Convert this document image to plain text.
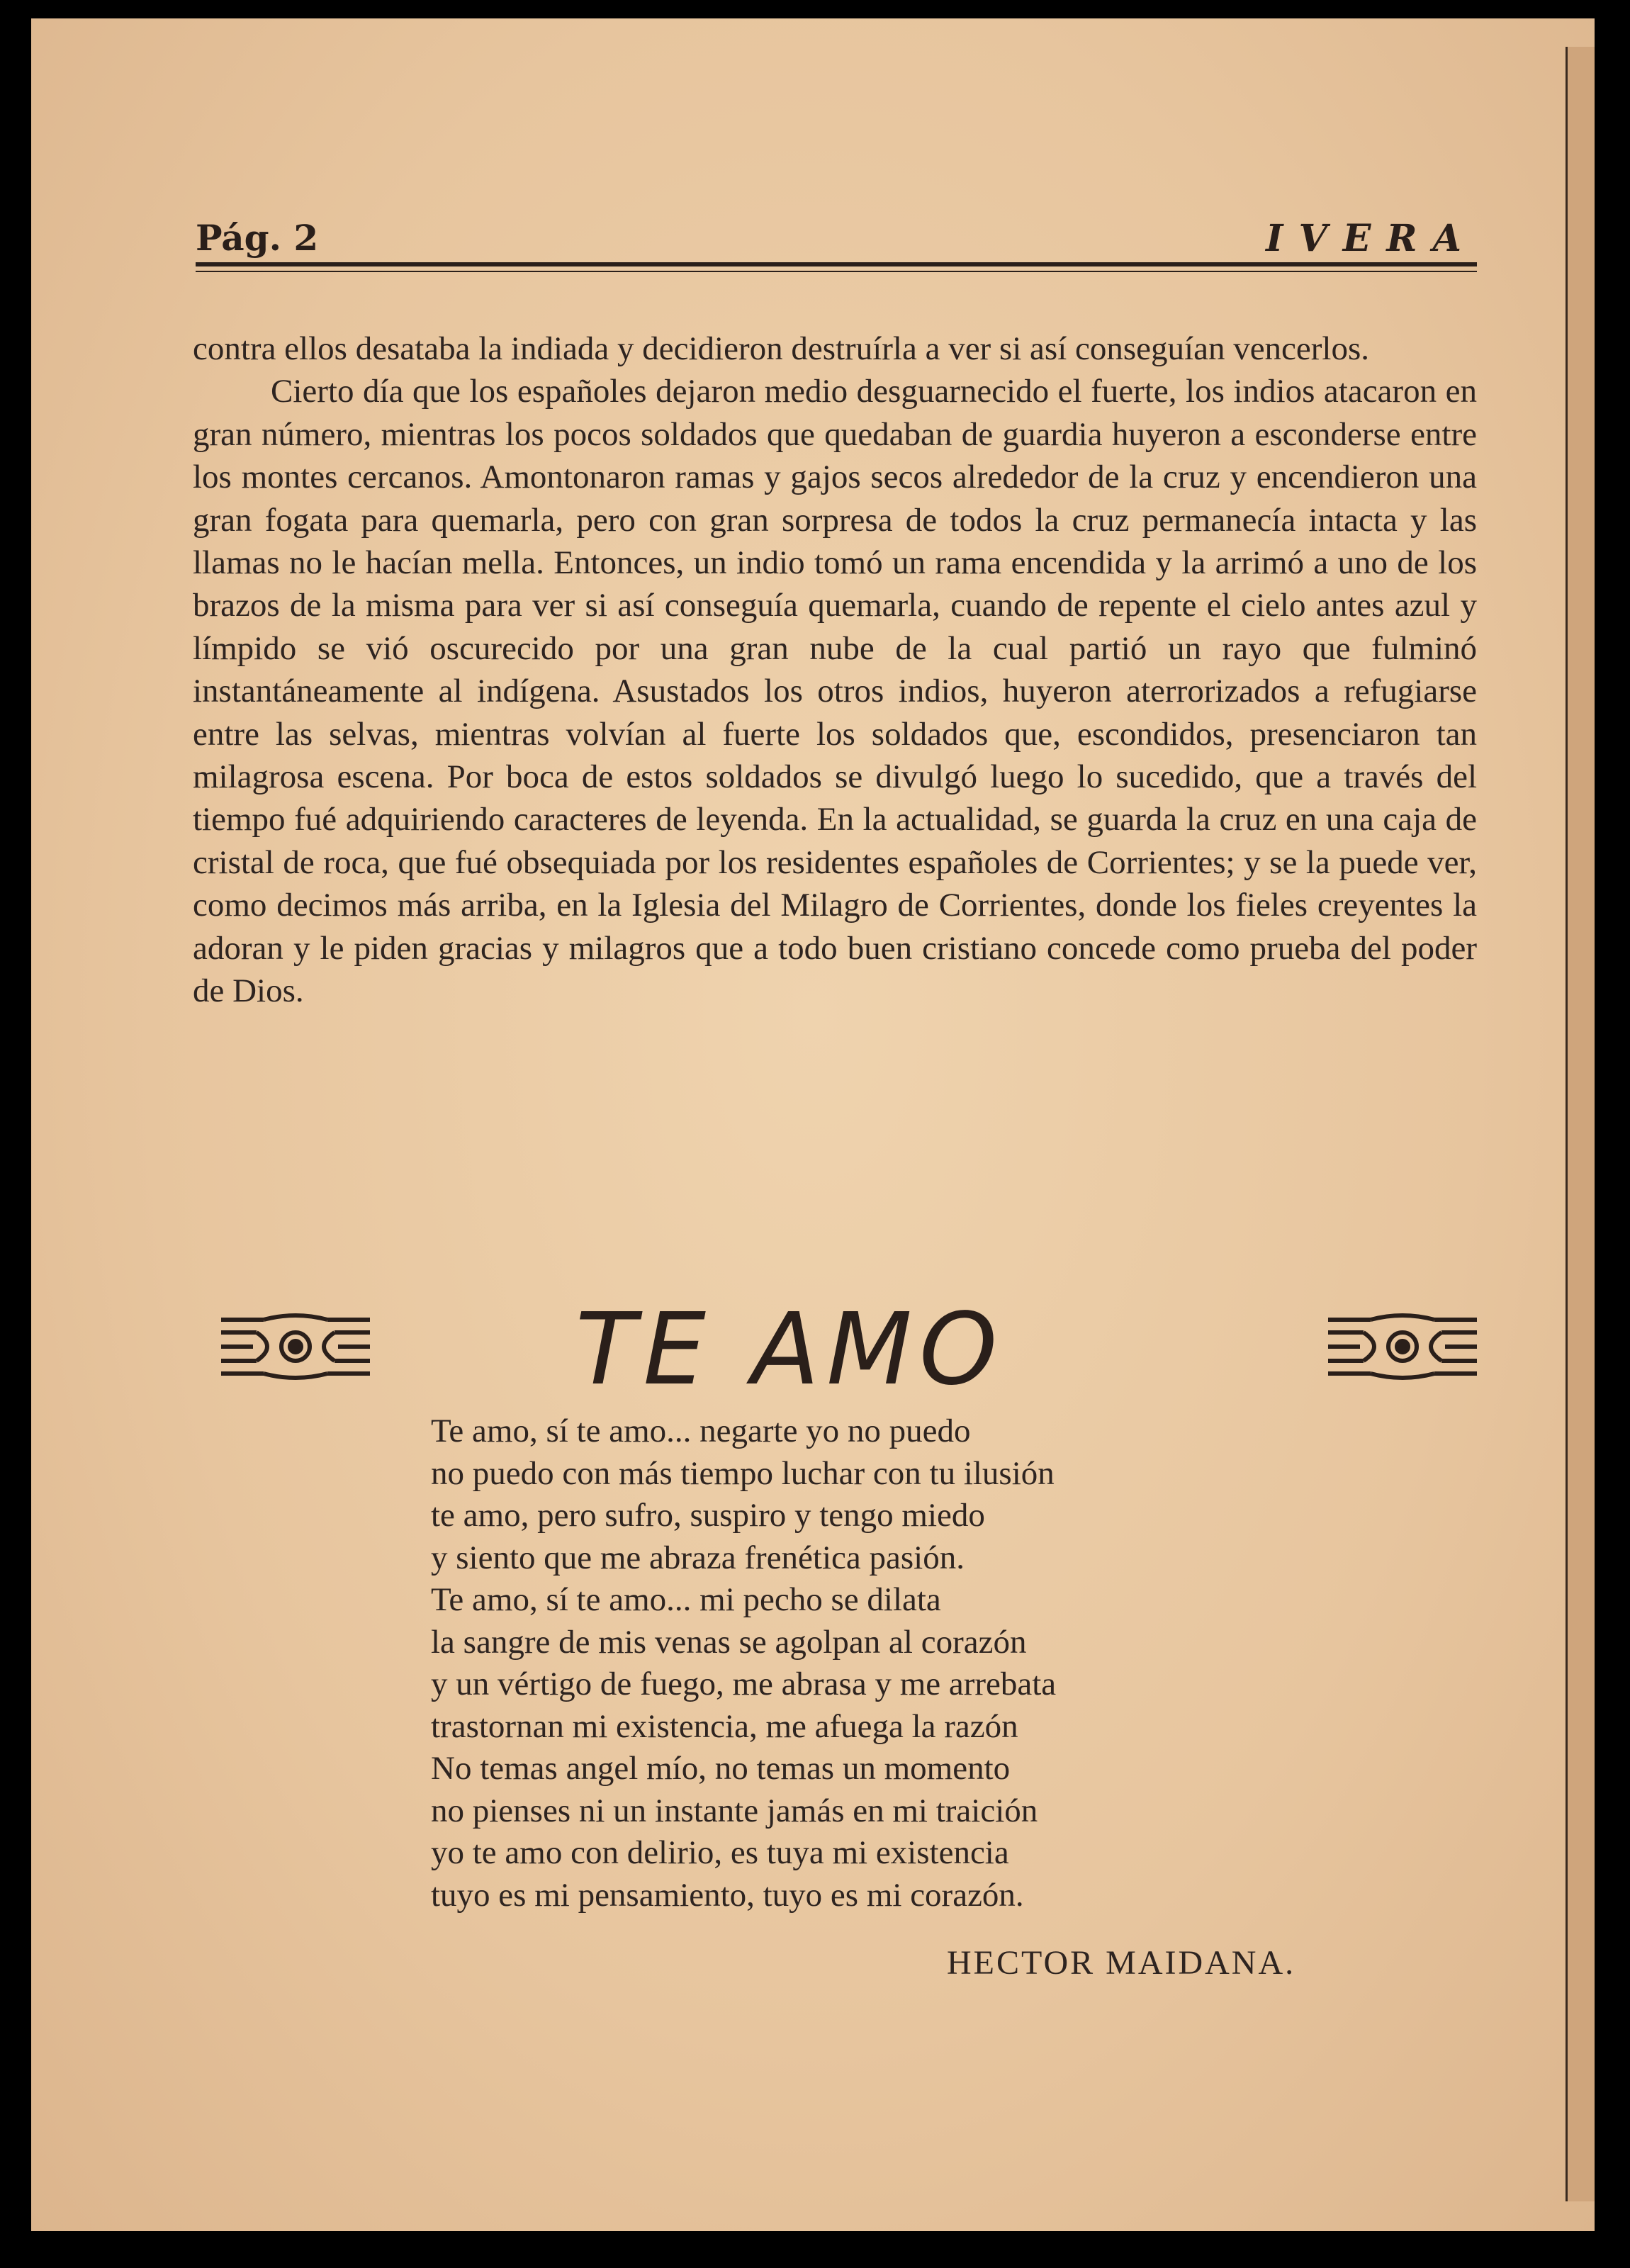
Pág. 2	IVERA

contra ellos desataba la indiada y decidieron destruírla a ver si así conseguían vencerlos.

Cierto día que los españoles dejaron medio desguarnecido el fuerte, los indios atacaron en gran número, mientras los pocos soldados que quedaban de guardia huyeron a esconderse entre los montes cercanos. Amontonaron ramas y gajos secos alrededor de la cruz y encendieron una gran fogata para quemarla, pero con gran sorpresa de todos la cruz permanecía intacta y las llamas no le hacían mella. Entonces, un indio tomó un rama encendida y la arrimó a uno de los brazos de la misma para ver si así conseguía quemarla, cuando de repente el cielo antes azul y límpido se vió oscurecido por una gran nube de la cual partió un rayo que fulminó instantáneamente al indígena. Asustados los otros indios, huyeron aterrorizados a refugiarse entre las selvas, mientras volvían al fuerte los soldados que, escondidos, presenciaron tan milagrosa escena. Por boca de estos soldados se divulgó luego lo sucedido, que a través del tiempo fué adquiriendo caracteres de leyenda. En la actualidad, se guarda la cruz en una caja de cristal de roca, que fué obsequiada por los residentes españoles de Corrientes; y se la puede ver, como decimos más arriba, en la Iglesia del Milagro de Corrientes, donde los fieles creyentes la adoran y le piden gracias y milagros que a todo buen cristiano concede como prueba del poder de Dios.

TE AMO
Te amo, sí te amo... negarte yo no puedo
no puedo con más tiempo luchar con tu ilusión
te amo, pero sufro, suspiro y tengo miedo
y siento que me abraza frenética pasión.
Te amo, sí te amo... mi pecho se dilata
la sangre de mis venas se agolpan al corazón
y un vértigo de fuego, me abrasa y me arrebata
trastornan mi existencia, me afuega la razón
No temas angel mío, no temas un momento
no pienses ni un instante jamás en mi traición
yo te amo con delirio, es tuya mi existencia
tuyo es mi pensamiento, tuyo es mi corazón.
HECTOR MAIDANA.
